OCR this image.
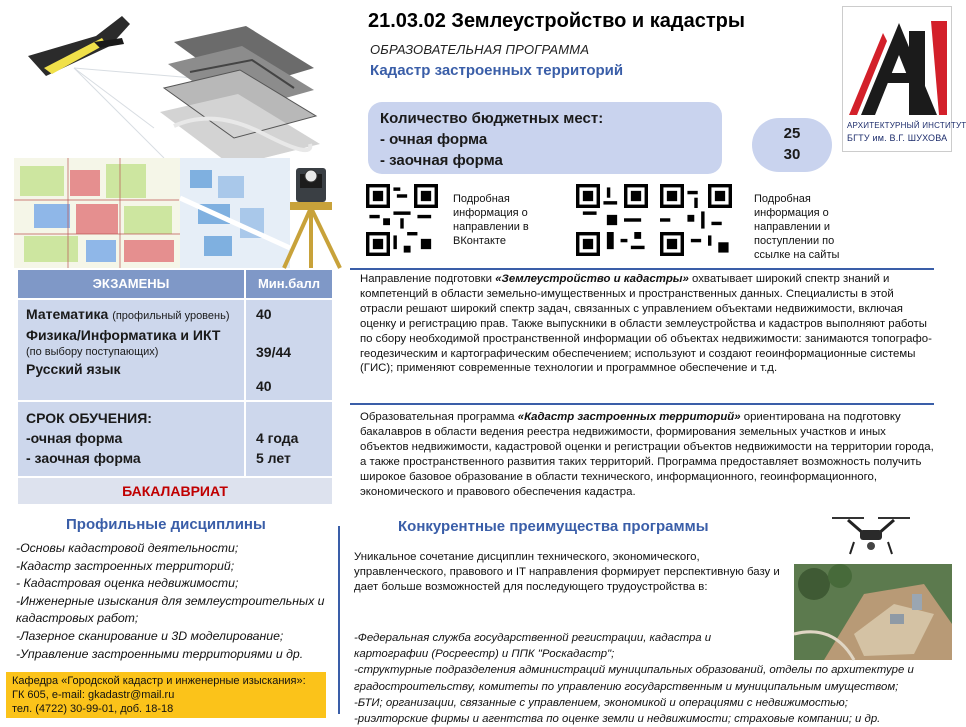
21.03.02 Землеустройство и кадастры
ОБРАЗОВАТЕЛЬНАЯ ПРОГРАММА
Кадастр застроенных территорий
АРХИТЕКТУРНЫЙ ИНСТИТУТ
БГТУ им. В.Г. ШУХОВА
Количество бюджетных мест:
- очная форма
- заочная форма
25
30
Подробная информация о направлении в ВКонтакте
Подробная информация о направлении и поступлении по ссылке на сайты
ЭКЗАМЕНЫ	Мин.балл
Математика (профильный уровень)
Физика/Информатика и ИКТ
(по выбору поступающих)
Русский язык
40
39/44
40
СРОК ОБУЧЕНИЯ:
-очная форма
- заочная форма
4 года
5 лет
БАКАЛАВРИАТ
Направление подготовки «Землеустройство и кадастры» охватывает широкий спектр знаний и компетенций в области земельно-имущественных и пространственных данных. Специалисты в этой отрасли решают широкий спектр задач, связанных с управлением объектами недвижимости, включая оценку и регистрацию прав. Также выпускники в области землеустройства и кадастров выполняют работы по сбору необходимой пространственной информации об объектах недвижимости: занимаются топографо-геодезическим и картографическим обеспечением; используют и создают геоинформационные системы (ГИС); применяют современные технологии и программное обеспечение и т.д.
Образовательная программа «Кадастр застроенных территорий» ориентирована на подготовку бакалавров в области ведения реестра недвижимости, формирования земельных участков и иных объектов недвижимости, кадастровой оценки и регистрации объектов недвижимости на территории города, а также пространственного развития таких территорий. Программа предоставляет возможность получить широкое базовое образование в области технического, информационного, геоинформационного, экономического и правового обеспечения кадастра.
Профильные дисциплины
-Основы кадастровой деятельности;
-Кадастр застроенных территорий;
- Кадастровая оценка недвижимости;
-Инженерные изыскания для землеустроительных и кадастровых работ;
-Лазерное сканирование и 3D моделирование;
-Управление застроенными территориями и др.
Конкурентные преимущества программы
Уникальное сочетание дисциплин технического, экономического, управленческого, правового и IT направления формирует перспективную базу и дает больше возможностей для последующего трудоустройства в:
-Федеральная служба государственной регистрации, кадастра и картографии (Росреестр) и ППК "Роскадастр";
-структурные подразделения администраций муниципальных образований, отделы по архитектуре и градостроительству, комитеты по управлению государственным и муниципальным имуществом;
-БТИ; организации, связанные с управлением, экономикой и операциями с недвижимостью;
-риэлторские фирмы и агентства по оценке земли и недвижимости; страховые компании; и др.
Кафедра «Городской кадастр и инженерные изыскания»: ГК 605, e-mail: gkadastr@mail.ru
тел. (4722) 30-99-01, доб. 18-18
